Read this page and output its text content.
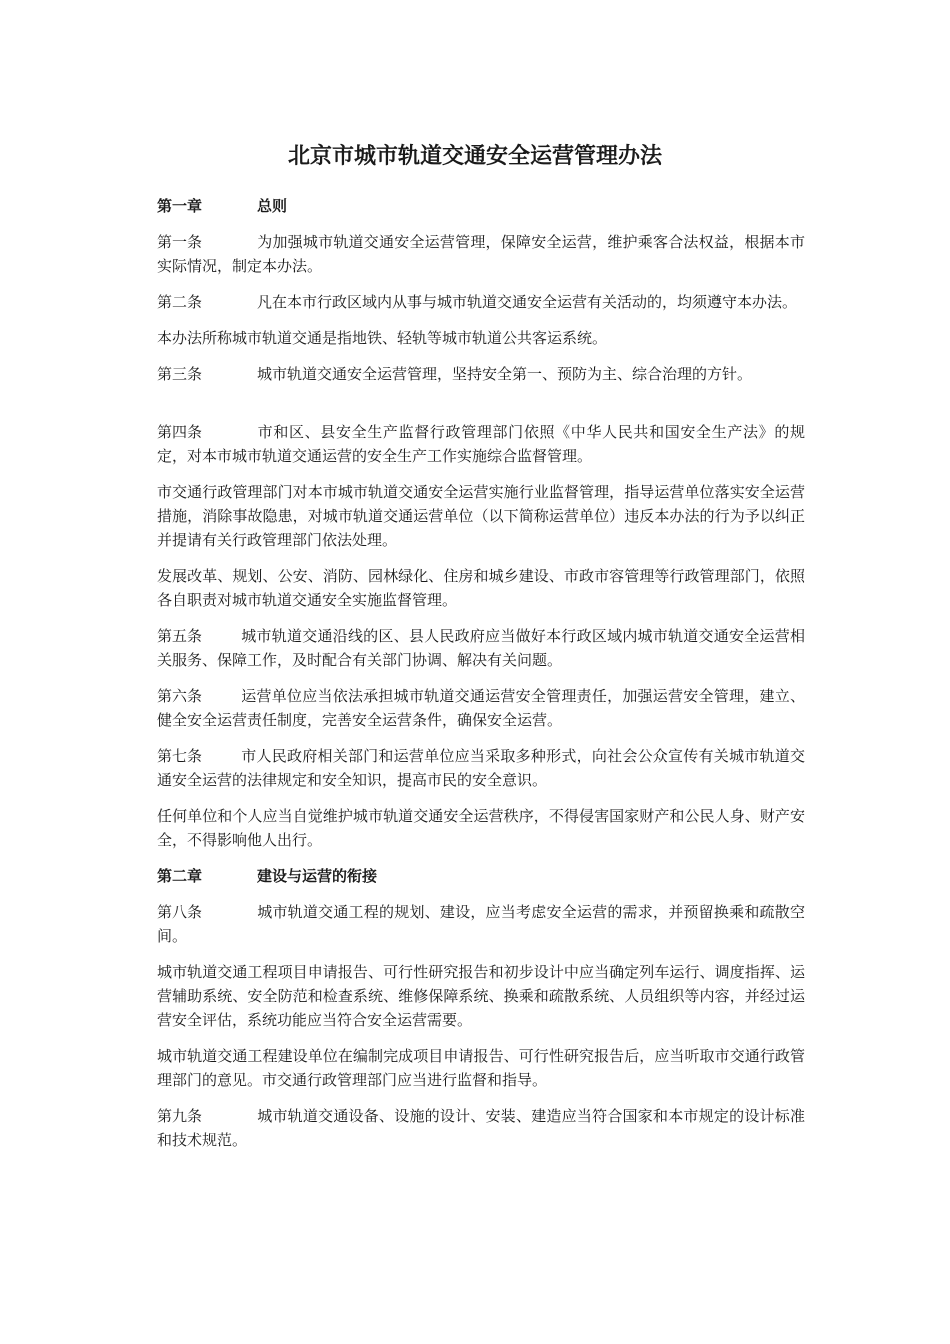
北京市城市轨道交通安全运营管理办法
第一章	总则

第一条	为加强城市轨道交通安全运营管理，保障安全运营，维护乘客合法权益，根据本市实际情况，制定本办法。

第二条	凡在本市行政区域内从事与城市轨道交通安全运营有关活动的，均须遵守本办法。

本办法所称城市轨道交通是指地铁、轻轨等城市轨道公共客运系统。

第三条	城市轨道交通安全运营管理，坚持安全第一、预防为主、综合治理的方针。

第四条	市和区、县安全生产监督行政管理部门依照《中华人民共和国安全生产法》的规定，对本市城市轨道交通运营的安全生产工作实施综合监督管理。

市交通行政管理部门对本市城市轨道交通安全运营实施行业监督管理，指导运营单位落实安全运营措施，消除事故隐患，对城市轨道交通运营单位（以下简称运营单位）违反本办法的行为予以纠正并提请有关行政管理部门依法处理。

发展改革、规划、公安、消防、园林绿化、住房和城乡建设、市政市容管理等行政管理部门，依照各自职责对城市轨道交通安全实施监督管理。

第五条	城市轨道交通沿线的区、县人民政府应当做好本行政区域内城市轨道交通安全运营相关服务、保障工作，及时配合有关部门协调、解决有关问题。

第六条	运营单位应当依法承担城市轨道交通运营安全管理责任，加强运营安全管理，建立、健全安全运营责任制度，完善安全运营条件，确保安全运营。

第七条	市人民政府相关部门和运营单位应当采取多种形式，向社会公众宣传有关城市轨道交通安全运营的法律规定和安全知识，提高市民的安全意识。

任何单位和个人应当自觉维护城市轨道交通安全运营秩序，不得侵害国家财产和公民人身、财产安全，不得影响他人出行。

第二章	建设与运营的衔接

第八条	城市轨道交通工程的规划、建设，应当考虑安全运营的需求，并预留换乘和疏散空间。

城市轨道交通工程项目申请报告、可行性研究报告和初步设计中应当确定列车运行、调度指挥、运营辅助系统、安全防范和检查系统、维修保障系统、换乘和疏散系统、人员组织等内容，并经过运营安全评估，系统功能应当符合安全运营需要。

城市轨道交通工程建设单位在编制完成项目申请报告、可行性研究报告后，应当听取市交通行政管理部门的意见。市交通行政管理部门应当进行监督和指导。

第九条	城市轨道交通设备、设施的设计、安装、建造应当符合国家和本市规定的设计标准和技术规范。
